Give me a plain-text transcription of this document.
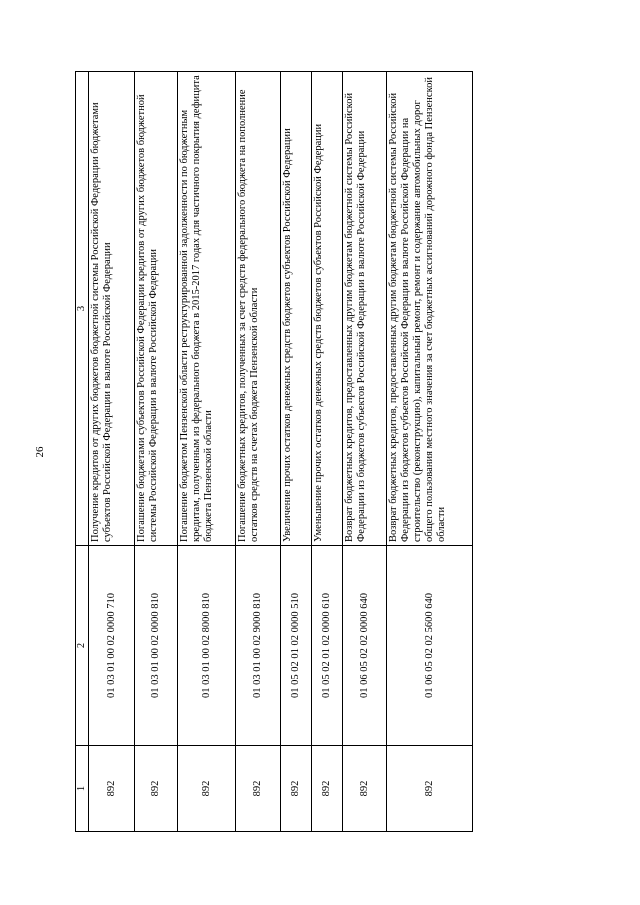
26
1	2	3
892	01 03 01 00 02 0000 710	Получение кредитов от других бюджетов бюджетной системы Российской Федерации бюджетами субъектов Российской Федерации в валюте Российской Федерации
892	01 03 01 00 02 0000 810	Погашение бюджетами субъектов Российской Федерации кредитов от других бюджетов бюджетной системы Российской Федерации в валюте Российской Федерации
892	01 03 01 00 02 8000 810	Погашение бюджетом Пензенской области реструктурированной задолженности по бюджетным кредитам, полученным из федерального бюджета в 2015-2017 годах для частичного покрытия дефицита бюджета Пензенской области
892	01 03 01 00 02 9000 810	Погашение бюджетных кредитов, полученных за счет средств федерального бюджета на пополнение остатков средств на счетах бюджета Пензенской области
892	01 05 02 01 02 0000 510	Увеличение прочих остатков денежных средств бюджетов субъектов Российской Федерации
892	01 05 02 01 02 0000 610	Уменьшение прочих остатков денежных средств бюджетов субъектов Российской Федерации
892	01 06 05 02 02 0000 640	Возврат бюджетных кредитов, предоставленных другим бюджетам бюджетной системы Российской Федерации из бюджетов субъектов Российской Федерации в валюте Российской Федерации
892	01 06 05 02 02 5600 640	Возврат бюджетных кредитов, предоставленных другим бюджетам бюджетной системы Российской Федерации из бюджетов субъектов Российской Федерации в валюте Российской Федерации на строительство (реконструкцию), капитальный ремонт, ремонт и содержание автомобильных дорог общего пользования местного значения за счет бюджетных ассигнований дорожного фонда Пензенской области
